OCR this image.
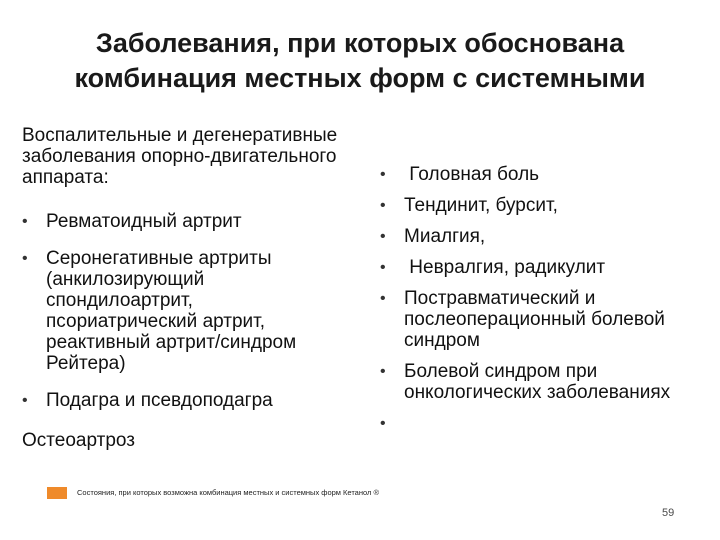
Заболевания, при которых обоснована
комбинация местных форм с системными
Воспалительные и дегенеративные
заболевания опорно-двигательного
аппарата:
• Ревматоидный артрит
• Серонегативные артриты
(анкилозирующий
спондилоартрит,
псориатрический артрит,
реактивный артрит/синдром
Рейтера)
• Подагра и псевдоподагра
Остеоартроз
• Головная боль
• Тендинит, бурсит,
• Миалгия,
• Невралгия, радикулит
• Постравматический и
послеоперационный болевой
синдром
• Болевой синдром при
онкологических заболеваниях
•
Состояния, при которых возможна комбинация местных и системных форм Кетанол ®
59
